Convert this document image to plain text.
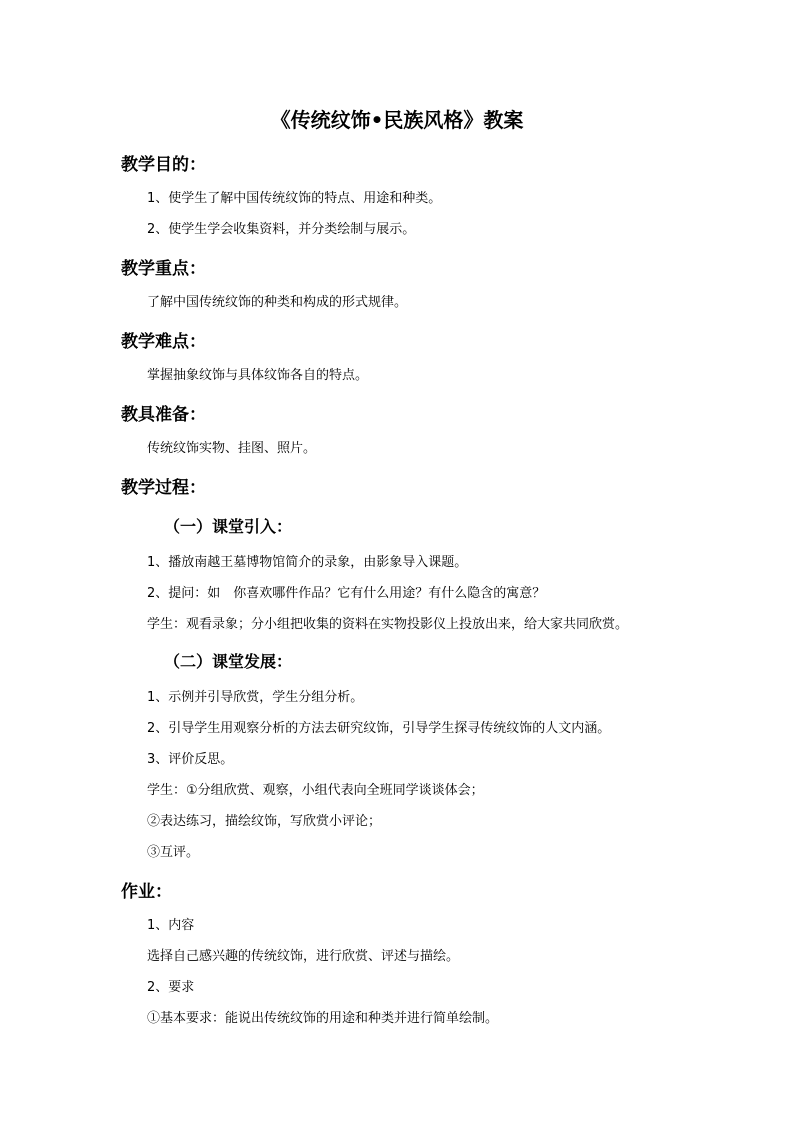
《传统纹饰•民族风格》教案
教学目的：
1、使学生了解中国传统纹饰的特点、用途和种类。
2、使学生学会收集资料，并分类绘制与展示。
教学重点：
了解中国传统纹饰的种类和构成的形式规律。
教学难点：
掌握抽象纹饰与具体纹饰各自的特点。
教具准备：
传统纹饰实物、挂图、照片。
教学过程：
（一）课堂引入：
1、播放南越王墓博物馆简介的录象，由影象导入课题。
2、提问：如　你喜欢哪件作品？它有什么用途？有什么隐含的寓意？
学生：观看录象；分小组把收集的资料在实物投影仪上投放出来，给大家共同欣赏。
（二）课堂发展：
1、示例并引导欣赏，学生分组分析。
2、引导学生用观察分析的方法去研究纹饰，引导学生探寻传统纹饰的人文内涵。
3、评价反思。
学生：①分组欣赏、观察，小组代表向全班同学谈谈体会；
②表达练习，描绘纹饰，写欣赏小评论；
③互评。
作业：
1、内容
选择自己感兴趣的传统纹饰，进行欣赏、评述与描绘。
2、要求
①基本要求：能说出传统纹饰的用途和种类并进行简单绘制。
